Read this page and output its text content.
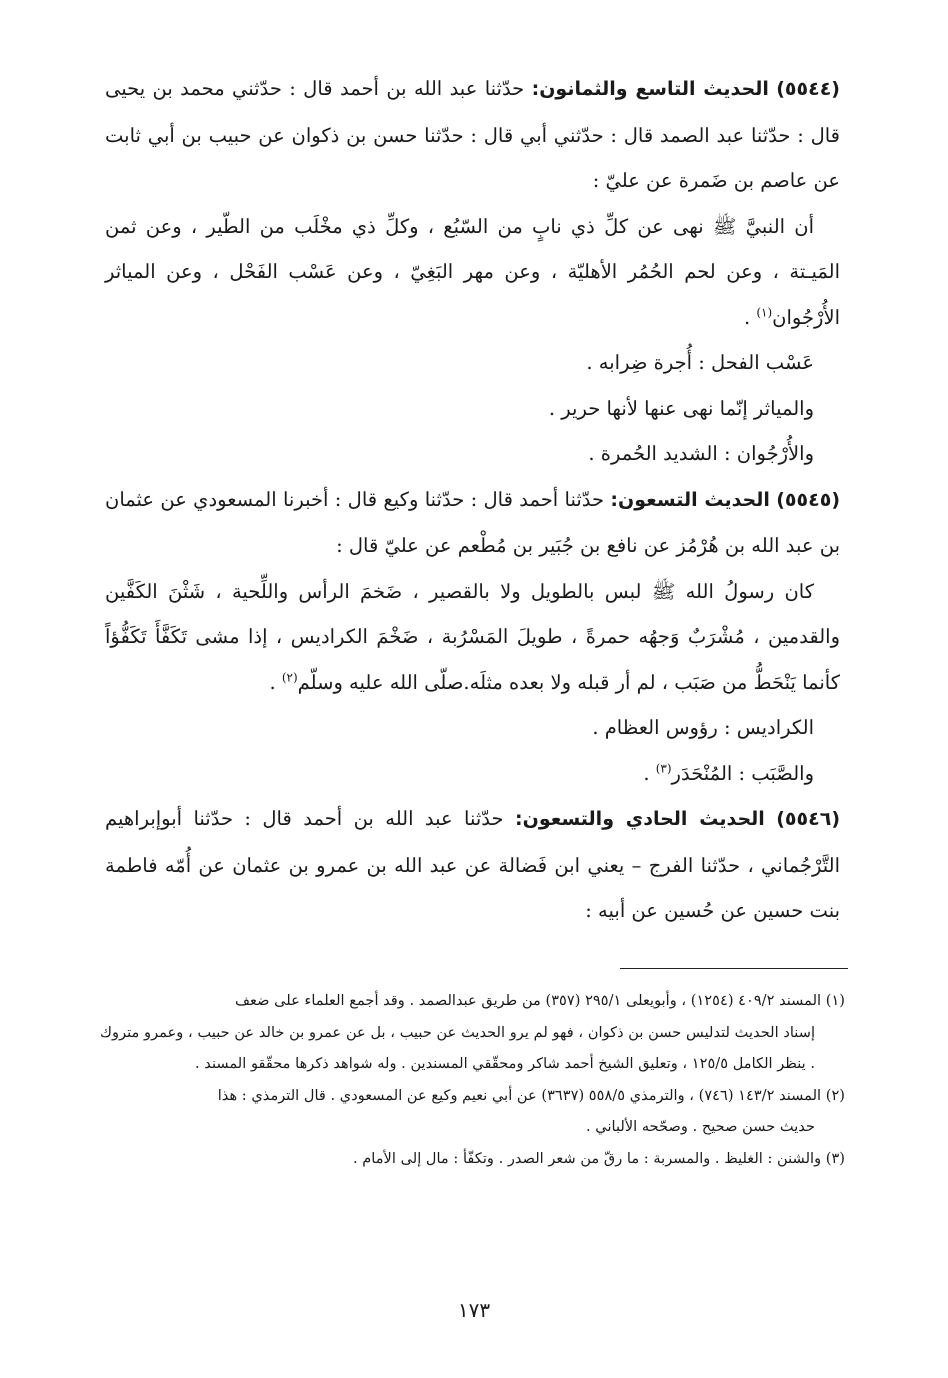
(٥٥٤٤) الحديث التاسع والثمانون: حدّثنا عبد الله بن أحمد قال : حدّثني محمد بن يحيى قال : حدّثنا عبد الصمد قال : حدّثني أبي قال : حدّثنا حسن بن ذكوان عن حبيب بن أبي ثابت عن عاصم بن ضَمرة عن عليّ :

أن النبيَّ ﷺ نهى عن كلِّ ذي نابٍ من السّبُع ، وكلِّ ذي مخْلَب من الطّير ، وعن ثمن المَيـتة ، وعن لحم الحُمُر الأهليّة ، وعن مهر البَغِيّ ، وعن عَسْب الفَحْل ، وعن المياثر الأُرْجُوان$^{(١)}$ .

عَسْب الفحل : أُجرة ضِرابه .

والمياثر إنّما نهى عنها لأنها حرير .

والأُرْجُوان : الشديد الحُمرة .

(٥٥٤٥) الحديث التسعون: حدّثنا أحمد قال : حدّثنا وكيع قال : أخبرنا المسعودي عن عثمان بن عبد الله بن هُرْمُز عن نافع بن جُبَير بن مُطْعم عن عليّ قال :

كان رسولُ الله ﷺ لبس بالطويل ولا بالقصير ، ضَخمَ الرأس واللِّحية ، شَثْنَ الكَفَّين والقدمين ، مُشْرَبٌ وَجهُه حمرةً ، طويلَ المَسْرُبة ، ضَخْمَ الكراديس ، إذا مشى تَكَفَّأَ تَكَفُّؤاً كأنما يَنْحَطُّ من صَبَب ، لم أر قبله ولا بعده مثلَه.صلّى الله عليه وسلّم$^{(٢)}$ .

الكراديس : رؤوس العظام .

والصَّبَب : المُنْحَدَر$^{(٣)}$ .

(٥٥٤٦) الحديث الحادي والتسعون: حدّثنا عبد الله بن أحمد قال : حدّثنا أبوإبراهيم التَّرْجُماني ، حدّثنا الفرج – يعني ابن فَضالة عن عبد الله بن عمرو بن عثمان عن أُمّه فاطمة بنت حسين عن حُسين عن أبيه :

(١) المسند ٤٠٩/٢ (١٢٥٤) ، وأبويعلى ٢٩٥/١ (٣٥٧) من طريق عبدالصمد . وقد أجمع العلماء على ضعف

إسناد الحديث لتدليس حسن بن ذكوان ، فهو لم يرو الحديث عن حبيب ، بل عن عمرو بن خالد عن حبيب ، وعمرو متروك . ينظر الكامل ١٢٥/٥ ، وتعليق الشيخ أحمد شاكر ومحقّقي المسندين . وله شواهد ذكرها محقّقو المسند .

(٢) المسند ١٤٣/٢ (٧٤٦) ، والترمذي ٥٥٨/٥ (٣٦٣٧) عن أبي نعيم وكيع عن المسعودي . قال الترمذي : هذا

حديث حسن صحيح . وصحّحه الألباني .

(٣) والشنن : الغليظ . والمسربة : ما رقّ من شعر الصدر . وتكفّأ : مال إلى الأمام .

١٧٣
